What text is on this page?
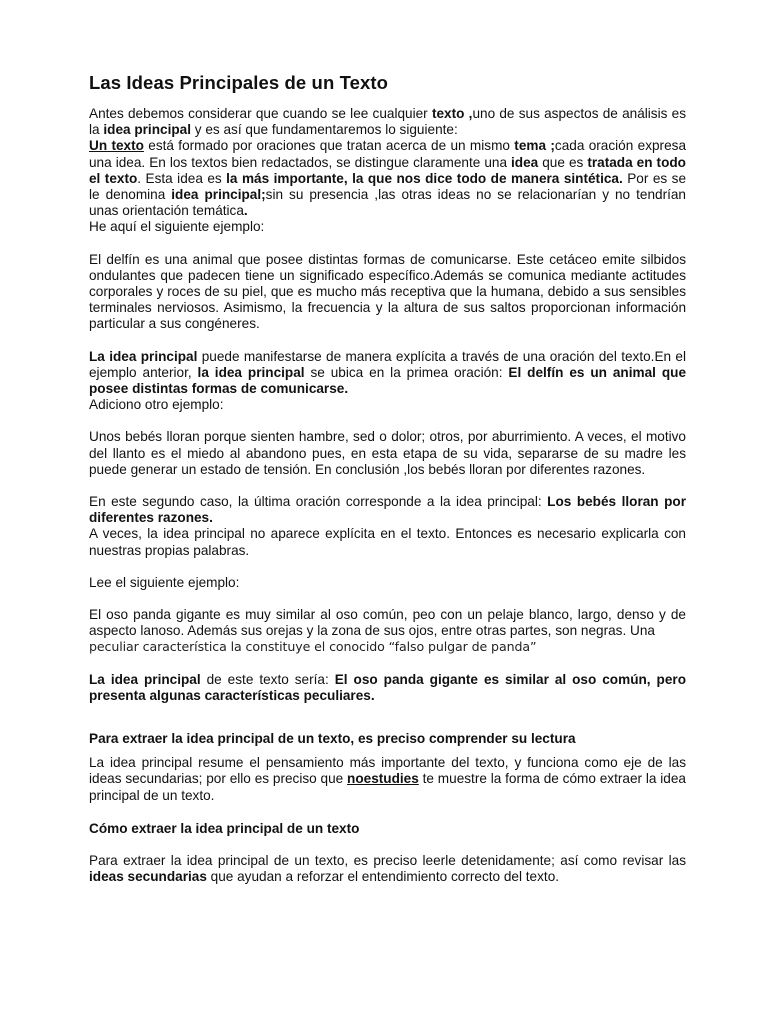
Las Ideas Principales de un Texto

Antes debemos considerar que cuando se lee cualquier texto ,uno de sus aspectos de análisis es la idea principal y es así que fundamentaremos lo siguiente:

Un texto está formado por oraciones que tratan acerca de un mismo tema ;cada oración expresa una idea. En los textos bien redactados, se distingue claramente una idea que es tratada en todo el texto. Esta idea es la más importante, la que nos dice todo de manera sintética. Por es se le denomina idea principal;sin su presencia ,las otras ideas no se relacionarían y no tendrían unas orientación temática.

He aquí el siguiente ejemplo:

El delfín es una animal que posee distintas formas de comunicarse. Este cetáceo emite silbidos ondulantes que padecen tiene un significado específico.Además se comunica mediante actitudes corporales y roces de su piel, que es mucho más receptiva que la humana, debido a sus sensibles terminales nerviosos. Asimismo, la frecuencia y la altura de sus saltos proporcionan información particular a sus congéneres.

La idea principal puede manifestarse de manera explícita a través de una oración del texto.En el ejemplo anterior, la idea principal se ubica en la primea oración: El delfín es un animal que posee distintas formas de comunicarse.

Adiciono otro ejemplo:

Unos bebés lloran porque sienten hambre, sed o dolor; otros, por aburrimiento. A veces, el motivo del llanto es el miedo al abandono pues, en esta etapa de su vida, separarse de su madre les puede generar un estado de tensión. En conclusión ,los bebés lloran por diferentes razones.

En este segundo caso, la última oración corresponde a la idea principal: Los bebés lloran por diferentes razones.

A veces, la idea principal no aparece explícita en el texto. Entonces es necesario explicarla con nuestras propias palabras.

Lee el siguiente ejemplo:

El oso panda gigante es muy similar al oso común, peo con un pelaje blanco, largo, denso y de aspecto lanoso. Además sus orejas y la zona de sus ojos, entre otras partes, son negras. Una
peculiar característica la constituye el conocido “falso pulgar de panda”

La idea principal de este texto sería: El oso panda gigante es similar al oso común, pero presenta algunas características peculiares.

Para extraer la idea principal de un texto, es preciso comprender su lectura

La idea principal resume el pensamiento más importante del texto, y funciona como eje de las ideas secundarias; por ello es preciso que noestudies te muestre la forma de cómo extraer la idea principal de un texto.

Cómo extraer la idea principal de un texto

Para extraer la idea principal de un texto, es preciso leerle detenidamente; así como revisar las ideas secundarias que ayudan a reforzar el entendimiento correcto del texto.
